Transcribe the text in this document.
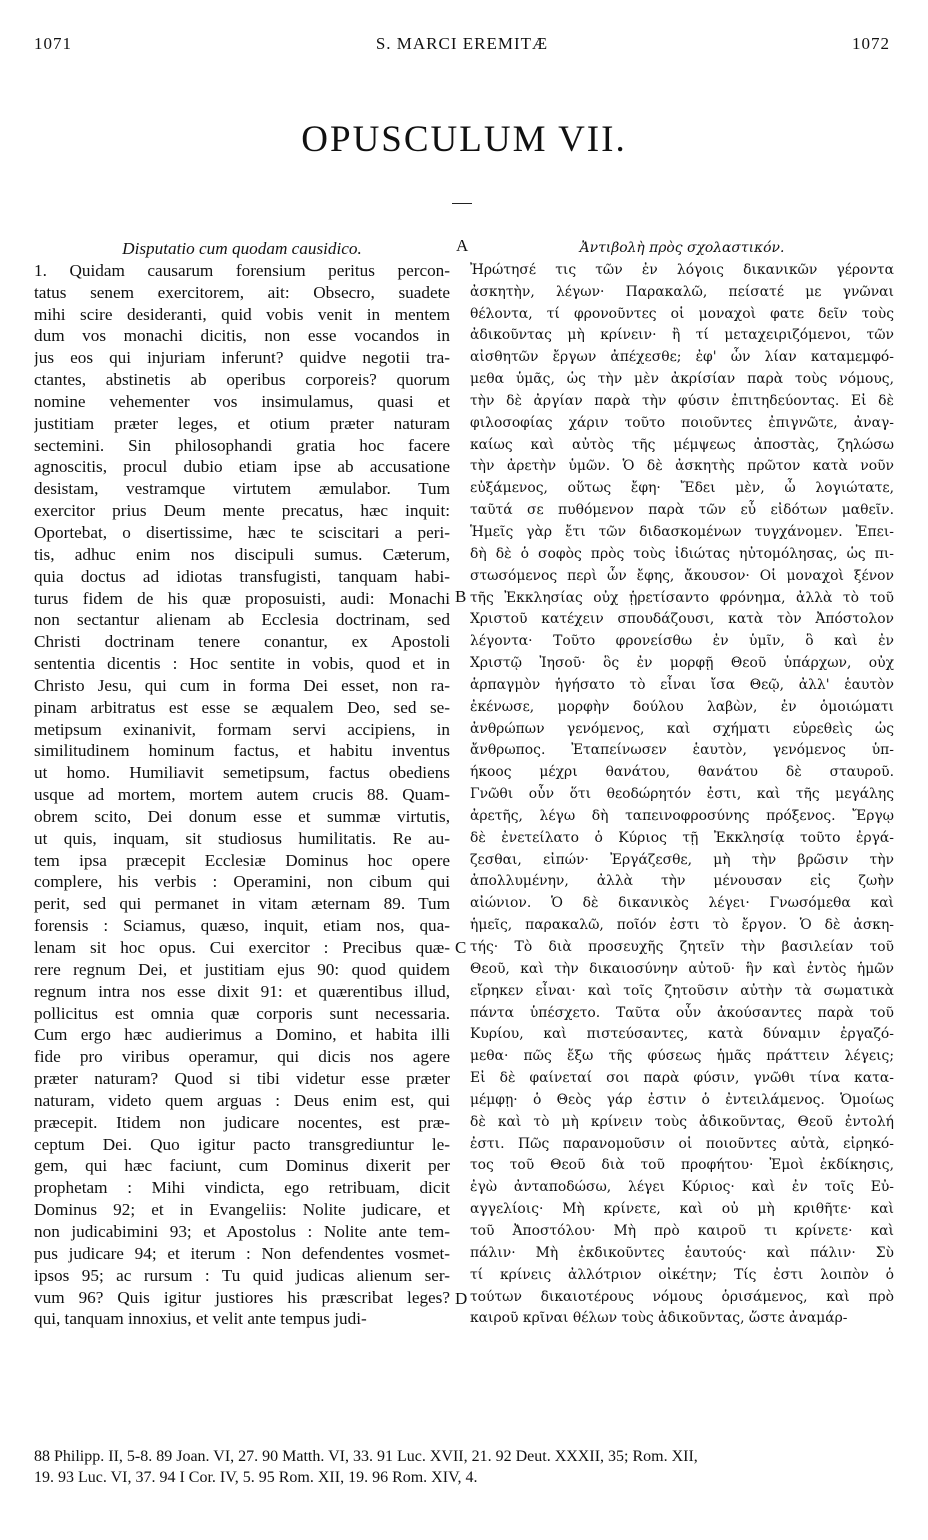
1071	S. MARCI EREMITÆ	1072
OPUSCULUM VII.
Disputatio cum quodam causidico.
1. Quidam causarum forensium peritus percon-
tatus senem exercitorem, ait: Obsecro, suadete
mihi scire desideranti, quid vobis venit in mentem
dum vos monachi dicitis, non esse vocandos in
jus eos qui injuriam inferunt? quidve negotii tra-
ctantes, abstinetis ab operibus corporeis? quorum
nomine vehementer vos insimulamus, quasi et
justitiam præter leges, et otium præter naturam
sectemini. Sin philosophandi gratia hoc facere
agnoscitis, procul dubio etiam ipse ab accusatione
desistam, vestramque virtutem æmulabor. Tum
exercitor prius Deum mente precatus, hæc inquit:
Oportebat, o disertissime, hæc te sciscitari a peri-
tis, adhuc enim nos discipuli sumus. Cæterum,
quia doctus ad idiotas transfugisti, tanquam habi-
turus fidem de his quæ proposuisti, audi: Monachi
non sectantur alienam ab Ecclesia doctrinam, sed
Christi doctrinam tenere conantur, ex Apostoli
sententia dicentis : Hoc sentite in vobis, quod et in
Christo Jesu, qui cum in forma Dei esset, non ra-
pinam arbitratus est esse se æqualem Deo, sed se-
metipsum exinanivit, formam servi accipiens, in
similitudinem hominum factus, et habitu inventus
ut homo. Humiliavit semetipsum, factus obediens
usque ad mortem, mortem autem crucis 88. Quam-
obrem scito, Dei donum esse et summæ virtutis,
ut quis, inquam, sit studiosus humilitatis. Re au-
tem ipsa præcepit Ecclesiæ Dominus hoc opere
complere, his verbis : Operamini, non cibum qui
perit, sed qui permanet in vitam æternam 89. Tum
forensis : Sciamus, quæso, inquit, etiam nos, qua-
lenam sit hoc opus. Cui exercitor : Precibus quæ-
rere regnum Dei, et justitiam ejus 90: quod quidem
regnum intra nos esse dixit 91: et quærentibus illud,
pollicitus est omnia quæ corporis sunt necessaria.
Cum ergo hæc audierimus a Domino, et habita illi
fide pro viribus operamur, qui dicis nos agere
præter naturam? Quod si tibi videtur esse præter
naturam, videto quem arguas : Deus enim est, qui
præcepit. Itidem non judicare nocentes, est præ-
ceptum Dei. Quo igitur pacto transgrediuntur le-
gem, qui hæc faciunt, cum Dominus dixerit per
prophetam : Mihi vindicta, ego retribuam, dicit
Dominus 92; et in Evangeliis: Nolite judicare, et
non judicabimini 93; et Apostolus : Nolite ante tem-
pus judicare 94; et iterum : Non defendentes vosmet-
ipsos 95; ac rursum : Tu quid judicas alienum ser-
vum 96? Quis igitur justiores his præscribat leges?
qui, tanquam innoxius, et velit ante tempus judi-
Ἀντιβολὴ πρὸς σχολαστικόν.
Ἠρώτησέ τις τῶν ἐν λόγοις δικανικῶν γέροντα
ἀσκητὴν, λέγων· Παρακαλῶ, πείσατέ με γνῶναι
θέλοντα, τί φρονοῦντες οἱ μοναχοὶ φατε δεῖν τοὺς
ἀδικοῦντας μὴ κρίνειν· ἢ τί μεταχειριζόμενοι, τῶν
αἰσθητῶν ἔργων ἀπέχεσθε; ἐφ' ὧν λίαν καταμεμφό-
μεθα ὑμᾶς, ὡς τὴν μὲν ἀκρίσίαν παρὰ τοὺς νόμους,
τὴν δὲ ἀργίαν παρὰ τὴν φύσιν ἐπιτηδεύοντας. Εἰ δὲ
φιλοσοφίας χάριν τοῦτο ποιοῦντες ἐπιγνῶτε, ἀναγ-
καίως καὶ αὐτὸς τῆς μέμψεως ἀποστὰς, ζηλώσω
τὴν ἀρετὴν ὑμῶν. Ὁ δὲ ἀσκητὴς πρῶτον κατὰ νοῦν
εὐξάμενος, οὕτως ἔφη· Ἔδει μὲν, ὦ λογιώτατε,
ταῦτά σε πυθόμενον παρὰ τῶν εὖ εἰδότων μαθεῖν.
Ἡμεῖς γὰρ ἔτι τῶν διδασκομένων τυγχάνομεν. Ἐπει-
δὴ δὲ ὁ σοφὸς πρὸς τοὺς ἰδιώτας ηὐτομόλησας, ὡς πι-
στωσόμενος περὶ ὧν ἔφης, ἄκουσον· Οἱ μοναχοὶ ξένον
τῆς Ἐκκλησίας οὐχ ᾑρετίσαντο φρόνημα, ἀλλὰ τὸ τοῦ
Χριστοῦ κατέχειν σπουδάζουσι, κατὰ τὸν Ἀπόστολον
λέγοντα· Τοῦτο φρονείσθω ἐν ὑμῖν, ὃ καὶ ἐν
Χριστῷ Ἰησοῦ· ὃς ἐν μορφῇ Θεοῦ ὑπάρχων, οὐχ
ἁρπαγμὸν ἡγήσατο τὸ εἶναι ἴσα Θεῷ, ἀλλ' ἑαυτὸν
ἐκένωσε, μορφὴν δούλου λαβὼν, ἐν ὁμοιώματι
ἀνθρώπων γενόμενος, καὶ σχήματι εὑρεθεὶς ὡς
ἄνθρωπος. Ἐταπείνωσεν ἑαυτὸν, γενόμενος ὑπ-
ήκοος μέχρι θανάτου, θανάτου δὲ σταυροῦ.
Γνῶθι οὖν ὅτι θεοδώρητόν ἐστι, καὶ τῆς μεγάλης
ἀρετῆς, λέγω δὴ ταπεινοφροσύνης πρόξενος. Ἔργῳ
δὲ ἐνετείλατο ὁ Κύριος τῇ Ἐκκλησίᾳ τοῦτο ἐργά-
ζεσθαι, εἰπών· Ἐργάζεσθε, μὴ τὴν βρῶσιν τὴν
ἀπολλυμένην, ἀλλὰ τὴν μένουσαν εἰς ζωὴν
αἰώνιον. Ὁ δὲ δικανικὸς λέγει· Γνωσόμεθα καὶ
ἡμεῖς, παρακαλῶ, ποῖόν ἐστι τὸ ἔργον. Ὁ δὲ ἀσκη-
τής· Τὸ διὰ προσευχῆς ζητεῖν τὴν βασιλείαν τοῦ
Θεοῦ, καὶ τὴν δικαιοσύνην αὐτοῦ· ἣν καὶ ἐντὸς ἡμῶν
εἴρηκεν εἶναι· καὶ τοῖς ζητοῦσιν αὐτὴν τὰ σωματικὰ
πάντα ὑπέσχετο. Ταῦτα οὖν ἀκούσαντες παρὰ τοῦ
Κυρίου, καὶ πιστεύσαντες, κατὰ δύναμιν ἐργαζό-
μεθα· πῶς ἔξω τῆς φύσεως ἡμᾶς πράττειν λέγεις;
Εἰ δὲ φαίνεταί σοι παρὰ φύσιν, γνῶθι τίνα κατα-
μέμφῃ· ὁ Θεὸς γάρ ἐστιν ὁ ἐντειλάμενος. Ὁμοίως
δὲ καὶ τὸ μὴ κρίνειν τοὺς ἀδικοῦντας, Θεοῦ ἐντολή
ἐστι. Πῶς παρανομοῦσιν οἱ ποιοῦντες αὐτὰ, εἰρηκό-
τος τοῦ Θεοῦ διὰ τοῦ προφήτου· Ἐμοὶ ἐκδίκησις,
ἐγὼ ἀνταποδώσω, λέγει Κύριος· καὶ ἐν τοῖς Εὐ-
αγγελίοις· Μὴ κρίνετε, καὶ οὐ μὴ κριθῆτε· καὶ
τοῦ Ἀποστόλου· Μὴ πρὸ καιροῦ τι κρίνετε· καὶ
πάλιν· Μὴ ἐκδικοῦντες ἑαυτούς· καὶ πάλιν· Σὺ
τί κρίνεις ἀλλότριον οἰκέτην; Τίς ἐστι λοιπὸν ὁ
τούτων δικαιοτέρους νόμους ὁρισάμενος, καὶ πρὸ
καιροῦ κρῖναι θέλων τοὺς ἀδικοῦντας, ὥστε ἀναμάρ-
A
B
C
D
88 Philipp. II, 5-8. 89 Joan. VI, 27. 90 Matth. VI, 33. 91 Luc. XVII, 21. 92 Deut. XXXII, 35; Rom. XII,
19. 93 Luc. VI, 37. 94 I Cor. IV, 5. 95 Rom. XII, 19. 96 Rom. XIV, 4.
